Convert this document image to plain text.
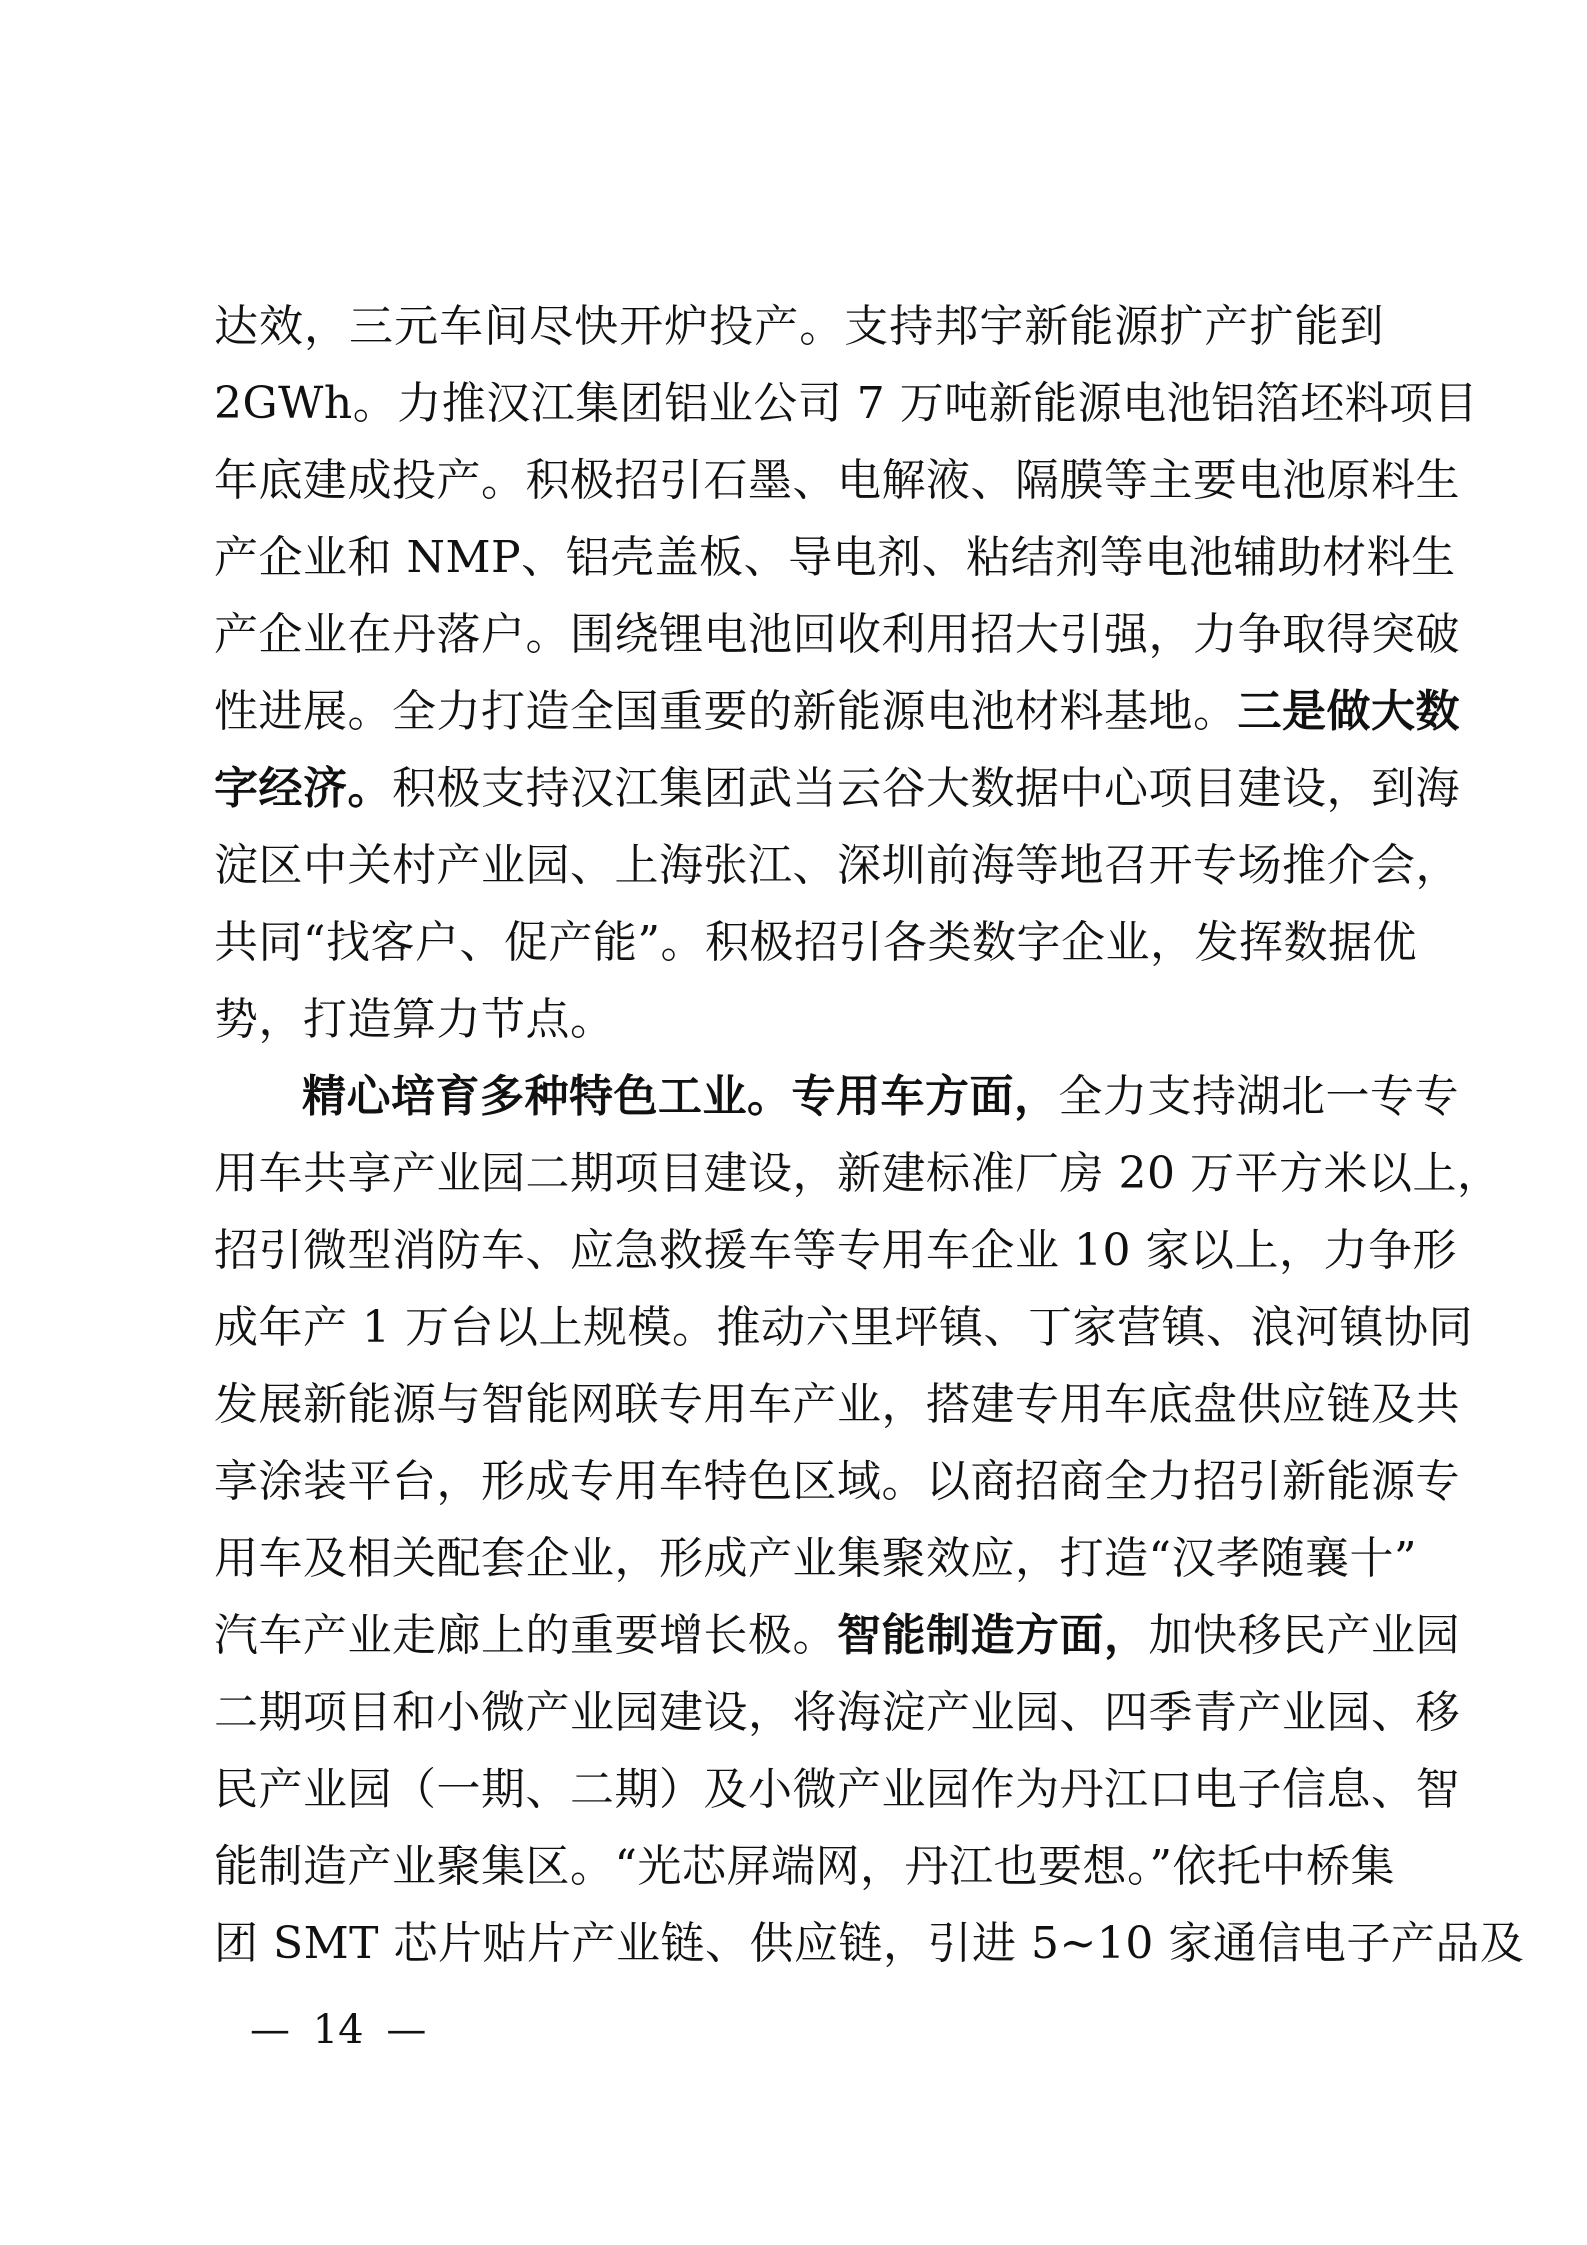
达效，三元车间尽快开炉投产。支持邦宇新能源扩产扩能到
2GWh。力推汉江集团铝业公司 7 万吨新能源电池铝箔坯料项目
年底建成投产。积极招引石墨、电解液、隔膜等主要电池原料生
产企业和 NMP、铝壳盖板、导电剂、粘结剂等电池辅助材料生
产企业在丹落户。围绕锂电池回收利用招大引强，力争取得突破
性进展。全力打造全国重要的新能源电池材料基地。三是做大数
字经济。积极支持汉江集团武当云谷大数据中心项目建设，到海
淀区中关村产业园、上海张江、深圳前海等地召开专场推介会，
共同“找客户、促产能”。积极招引各类数字企业，发挥数据优
势，打造算力节点。
精心培育多种特色工业。专用车方面，全力支持湖北一专专
用车共享产业园二期项目建设，新建标准厂房 20 万平方米以上，
招引微型消防车、应急救援车等专用车企业 10 家以上，力争形
成年产 1 万台以上规模。推动六里坪镇、丁家营镇、浪河镇协同
发展新能源与智能网联专用车产业，搭建专用车底盘供应链及共
享涂装平台，形成专用车特色区域。以商招商全力招引新能源专
用车及相关配套企业，形成产业集聚效应，打造“汉孝随襄十”
汽车产业走廊上的重要增长极。智能制造方面，加快移民产业园
二期项目和小微产业园建设，将海淀产业园、四季青产业园、移
民产业园（一期、二期）及小微产业园作为丹江口电子信息、智
能制造产业聚集区。“光芯屏端网，丹江也要想。”依托中桥集
团 SMT 芯片贴片产业链、供应链，引进 5~10 家通信电子产品及
— 14 —
